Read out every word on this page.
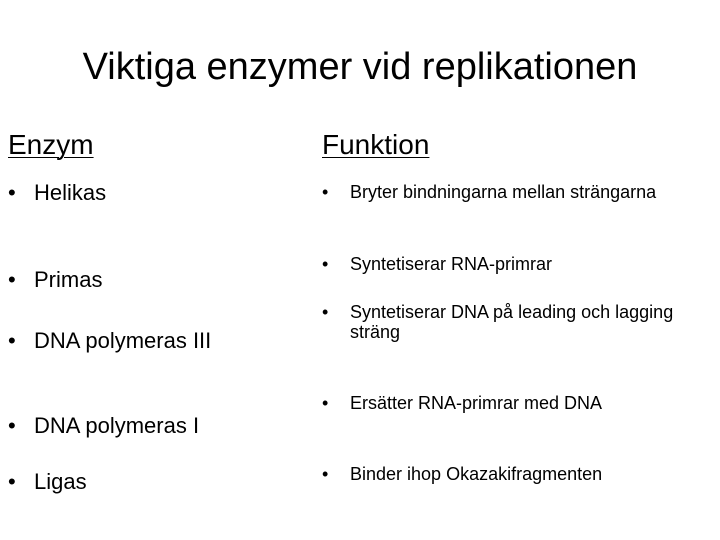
Viktiga enzymer vid replikationen
Enzym	Funktion
• Helikas
• Primas
• DNA polymeras III
• DNA polymeras I
• Ligas
• Bryter bindningarna mellan strängarna
• Syntetiserar RNA-primrar
• Syntetiserar DNA på leading och lagging sträng
• Ersätter RNA-primrar med DNA
• Binder ihop Okazakifragmenten
